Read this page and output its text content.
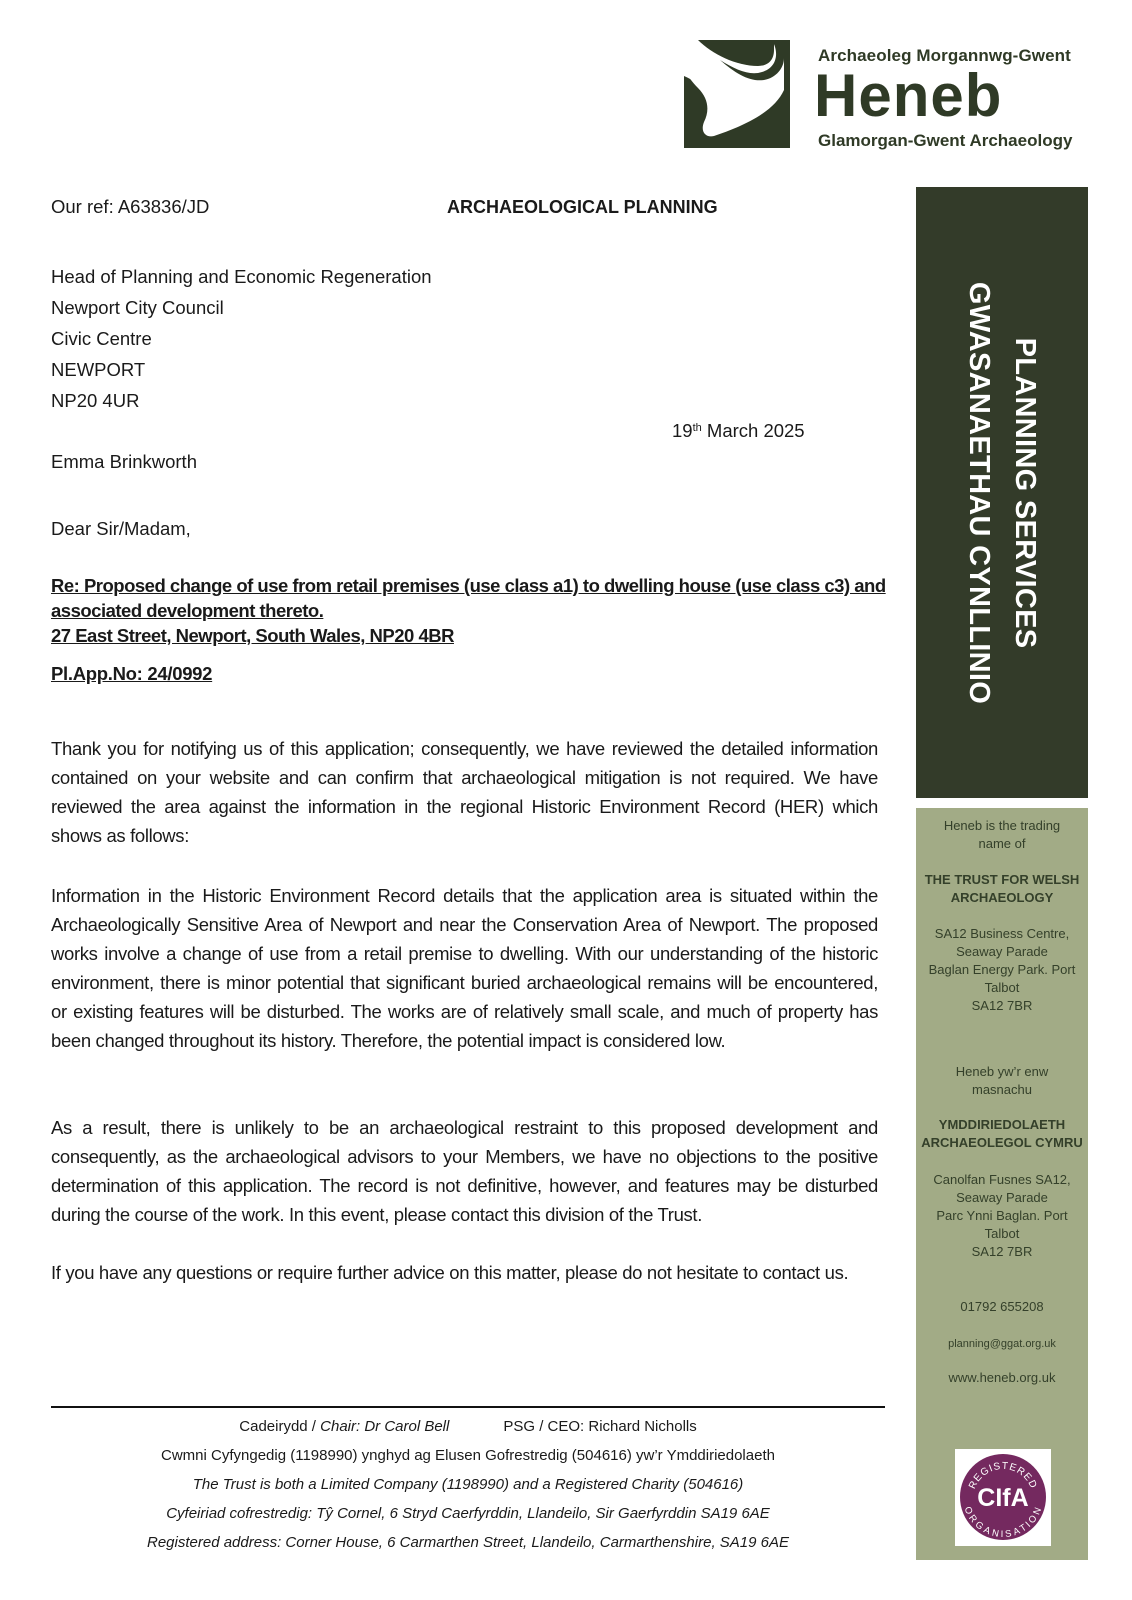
Archaeoleg Morgannwg-Gwent
Heneb
Glamorgan-Gwent Archaeology
Our ref: A63836/JD	ARCHAEOLOGICAL PLANNING
Head of Planning and Economic Regeneration
Newport City Council
Civic Centre
NEWPORT
NP20 4UR
19th March 2025
Emma Brinkworth
Dear Sir/Madam,
Re: Proposed change of use from retail premises (use class a1) to dwelling house (use class c3) and
associated development thereto.
27 East Street, Newport, South Wales, NP20 4BR
Pl.App.No: 24/0992
Thank you for notifying us of this application; consequently, we have reviewed the detailed information contained on your website and can confirm that archaeological mitigation is not required. We have reviewed the area against the information in the regional Historic Environment Record (HER) which shows as follows:
Information in the Historic Environment Record details that the application area is situated within the Archaeologically Sensitive Area of Newport and near the Conservation Area of Newport. The proposed works involve a change of use from a retail premise to dwelling. With our understanding of the historic environment, there is minor potential that significant buried archaeological remains will be encountered, or existing features will be disturbed. The works are of relatively small scale, and much of property has been changed throughout its history. Therefore, the potential impact is considered low.
As a result, there is unlikely to be an archaeological restraint to this proposed development and consequently, as the archaeological advisors to your Members, we have no objections to the positive determination of this application. The record is not definitive, however, and features may be disturbed during the course of the work. In this event, please contact this division of the Trust.
If you have any questions or require further advice on this matter, please do not hesitate to contact us.
Cadeirydd / Chair: Dr Carol Bell	PSG / CEO: Richard Nicholls
Cwmni Cyfyngedig (1198990) ynghyd ag Elusen Gofrestredig (504616) yw’r Ymddiriedolaeth
The Trust is both a Limited Company (1198990) and a Registered Charity (504616)
Cyfeiriad cofrestredig: Tŷ Cornel, 6 Stryd Caerfyrddin, Llandeilo, Sir Gaerfyrddin SA19 6AE
Registered address: Corner House, 6 Carmarthen Street, Llandeilo, Carmarthenshire, SA19 6AE
PLANNING SERVICES
GWASANAETHAU CYNLLINIO
Heneb is the trading
name of
THE TRUST FOR WELSH
ARCHAEOLOGY
SA12 Business Centre,
Seaway Parade
Baglan Energy Park. Port
Talbot
SA12 7BR
Heneb yw’r enw
masnachu
YMDDIRIEDOLAETH
ARCHAEOLEGOL CYMRU
Canolfan Fusnes SA12,
Seaway Parade
Parc Ynni Baglan. Port
Talbot
SA12 7BR
01792 655208
planning@ggat.org.uk
www.heneb.org.uk
REGISTERED
ORGANISATION
CIfA
